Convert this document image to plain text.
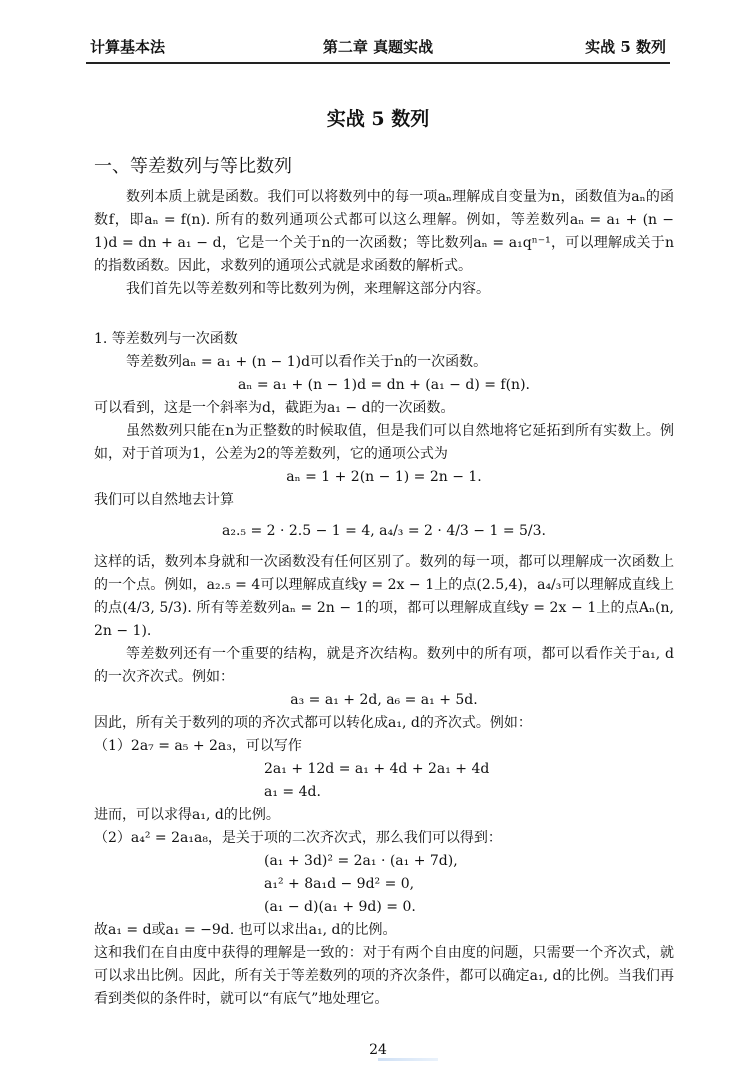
计算基本法	第二章 真题实战	实战 5 数列
实战 5 数列
一、等差数列与等比数列

数列本质上就是函数。我们可以将数列中的每一项aₙ理解成自变量为n，函数值为aₙ的函数f，即aₙ = f(n). 所有的数列通项公式都可以这么理解。例如，等差数列aₙ = a₁ + (n − 1)d = dn + a₁ − d，它是一个关于n的一次函数；等比数列aₙ = a₁qⁿ⁻¹，可以理解成关于n的指数函数。因此，求数列的通项公式就是求函数的解析式。

我们首先以等差数列和等比数列为例，来理解这部分内容。

1. 等差数列与一次函数

等差数列aₙ = a₁ + (n − 1)d可以看作关于n的一次函数。

aₙ = a₁ + (n − 1)d = dn + (a₁ − d) = f(n).

可以看到，这是一个斜率为d，截距为a₁ − d的一次函数。

虽然数列只能在n为正整数的时候取值，但是我们可以自然地将它延拓到所有实数上。例如，对于首项为1，公差为2的等差数列，它的通项公式为

aₙ = 1 + 2(n − 1) = 2n − 1.

我们可以自然地去计算

a₂.₅ = 2 · 2.5 − 1 = 4, a₄/₃ = 2 · 4/3 − 1 = 5/3.

这样的话，数列本身就和一次函数没有任何区别了。数列的每一项，都可以理解成一次函数上的一个点。例如，a₂.₅ = 4可以理解成直线y = 2x − 1上的点(2.5,4)，a₄/₃可以理解成直线上的点(4/3, 5/3). 所有等差数列aₙ = 2n − 1的项，都可以理解成直线y = 2x − 1上的点Aₙ(n, 2n − 1).

等差数列还有一个重要的结构，就是齐次结构。数列中的所有项，都可以看作关于a₁, d的一次齐次式。例如：

a₃ = a₁ + 2d, a₆ = a₁ + 5d.

因此，所有关于数列的项的齐次式都可以转化成a₁, d的齐次式。例如：

（1）2a₇ = a₅ + 2a₃，可以写作

2a₁ + 12d = a₁ + 4d + 2a₁ + 4d

a₁ = 4d.

进而，可以求得a₁, d的比例。

（2）a₄² = 2a₁a₈，是关于项的二次齐次式，那么我们可以得到：

(a₁ + 3d)² = 2a₁ · (a₁ + 7d),

a₁² + 8a₁d − 9d² = 0,

(a₁ − d)(a₁ + 9d) = 0.

故a₁ = d或a₁ = −9d. 也可以求出a₁, d的比例。

这和我们在自由度中获得的理解是一致的：对于有两个自由度的问题，只需要一个齐次式，就可以求出比例。因此，所有关于等差数列的项的齐次条件，都可以确定a₁, d的比例。当我们再看到类似的条件时，就可以“有底气”地处理它。

24
